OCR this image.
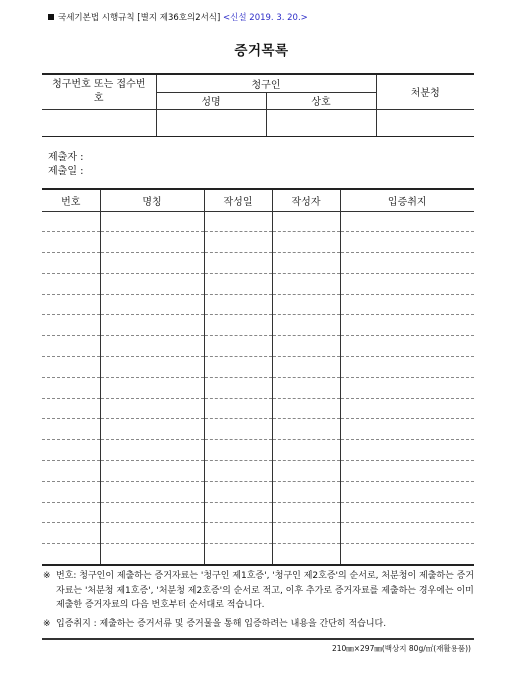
국세기본법 시행규칙 [별지 제36호의2서식] <신설 2019. 3. 20.>
증거목록
청구번호 또는 접수번호	청구인		처분청
	성명	상호	

제출자 :
제출일 :
번호	명칭	작성일	작성자	입증취지

※ 번호: 청구인이 제출하는 증거자료는 '청구인 제1호증', '청구인 제2호증'의 순서로, 처분청이 제출하는 증거자료는 '처분청 제1호증', '처분청 제2호증'의 순서로 적고, 이후 추가로 증거자료를 제출하는 경우에는 이미 제출한 증거자료의 다음 번호부터 순서대로 적습니다.
※ 입증취지 : 제출하는 증거서류 및 증거물을 통해 입증하려는 내용을 간단히 적습니다.
210㎜×297㎜(백상지 80g/㎡(재활용품))
